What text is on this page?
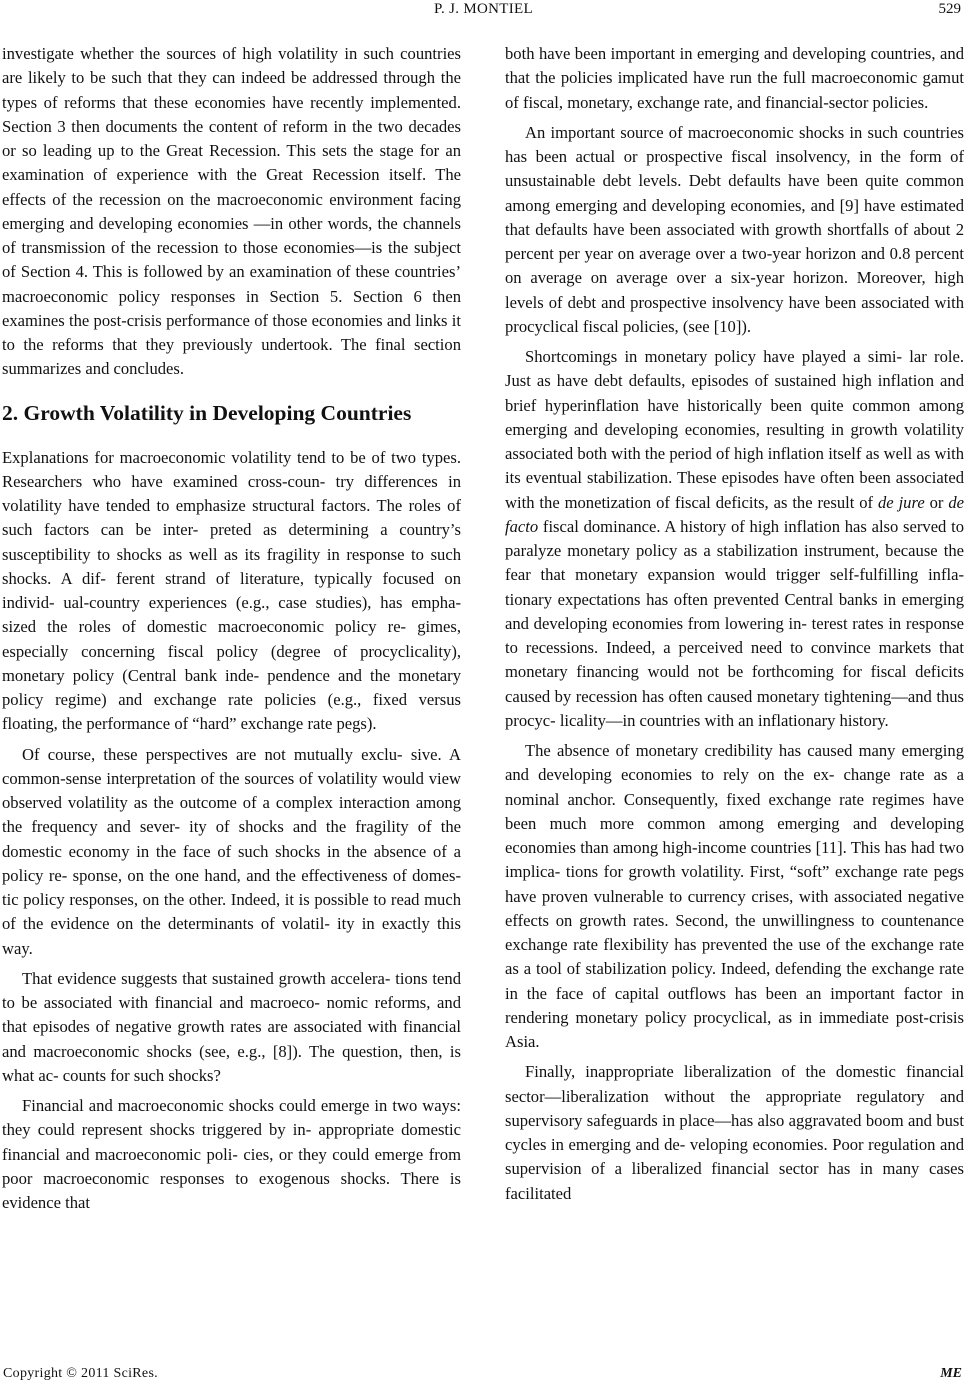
P. J. MONTIEL	529

investigate whether the sources of high volatility in such countries are likely to be such that they can indeed be addressed through the types of reforms that these economies have recently implemented. Section 3 then documents the content of reform in the two decades or so leading up to the Great Recession. This sets the stage for an examination of experience with the Great Recession itself. The effects of the recession on the macroeconomic environment facing emerging and developing economies —in other words, the channels of transmission of the recession to those economies—is the subject of Section 4. This is followed by an examination of these countries’ macroeconomic policy responses in Section 5. Section 6 then examines the post-crisis performance of those economies and links it to the reforms that they previously undertook. The final section summarizes and concludes.

2. Growth Volatility in Developing Countries

Explanations for macroeconomic volatility tend to be of two types. Researchers who have examined cross-coun- try differences in volatility have tended to emphasize structural factors. The roles of such factors can be inter- preted as determining a country’s susceptibility to shocks as well as its fragility in response to such shocks. A dif- ferent strand of literature, typically focused on individ- ual-country experiences (e.g., case studies), has empha- sized the roles of domestic macroeconomic policy re- gimes, especially concerning fiscal policy (degree of procyclicality), monetary policy (Central bank inde- pendence and the monetary policy regime) and exchange rate policies (e.g., fixed versus floating, the performance of “hard” exchange rate pegs).

Of course, these perspectives are not mutually exclu- sive. A common-sense interpretation of the sources of volatility would view observed volatility as the outcome of a complex interaction among the frequency and sever- ity of shocks and the fragility of the domestic economy in the face of such shocks in the absence of a policy re- sponse, on the one hand, and the effectiveness of domes- tic policy responses, on the other. Indeed, it is possible to read much of the evidence on the determinants of volatil- ity in exactly this way.

That evidence suggests that sustained growth accelera- tions tend to be associated with financial and macroeco- nomic reforms, and that episodes of negative growth rates are associated with financial and macroeconomic shocks (see, e.g., [8]). The question, then, is what ac- counts for such shocks?

Financial and macroeconomic shocks could emerge in two ways: they could represent shocks triggered by in- appropriate domestic financial and macroeconomic poli- cies, or they could emerge from poor macroeconomic responses to exogenous shocks. There is evidence that

both have been important in emerging and developing countries, and that the policies implicated have run the full macroeconomic gamut of fiscal, monetary, exchange rate, and financial-sector policies.

An important source of macroeconomic shocks in such countries has been actual or prospective fiscal insolvency, in the form of unsustainable debt levels. Debt defaults have been quite common among emerging and developing economies, and [9] have estimated that defaults have been associated with growth shortfalls of about 2 percent per year on average over a two-year horizon and 0.8 percent on average on average over a six-year horizon. Moreover, high levels of debt and prospective insolvency have been associated with procyclical fiscal policies, (see [10]).

Shortcomings in monetary policy have played a simi- lar role. Just as have debt defaults, episodes of sustained high inflation and brief hyperinflation have historically been quite common among emerging and developing economies, resulting in growth volatility associated both with the period of high inflation itself as well as with its eventual stabilization. These episodes have often been associated with the monetization of fiscal deficits, as the result of de jure or de facto fiscal dominance. A history of high inflation has also served to paralyze monetary policy as a stabilization instrument, because the fear that monetary expansion would trigger self-fulfilling infla- tionary expectations has often prevented Central banks in emerging and developing economies from lowering in- terest rates in response to recessions. Indeed, a perceived need to convince markets that monetary financing would not be forthcoming for fiscal deficits caused by recession has often caused monetary tightening—and thus procyc- licality—in countries with an inflationary history.

The absence of monetary credibility has caused many emerging and developing economies to rely on the ex- change rate as a nominal anchor. Consequently, fixed exchange rate regimes have been much more common among emerging and developing economies than among high-income countries [11]. This has had two implica- tions for growth volatility. First, “soft” exchange rate pegs have proven vulnerable to currency crises, with associated negative effects on growth rates. Second, the unwillingness to countenance exchange rate flexibility has prevented the use of the exchange rate as a tool of stabilization policy. Indeed, defending the exchange rate in the face of capital outflows has been an important factor in rendering monetary policy procyclical, as in immediate post-crisis Asia.

Finally, inappropriate liberalization of the domestic financial sector—liberalization without the appropriate regulatory and supervisory safeguards in place—has also aggravated boom and bust cycles in emerging and de- veloping economies. Poor regulation and supervision of a liberalized financial sector has in many cases facilitated

Copyright © 2011 SciRes.	ME
